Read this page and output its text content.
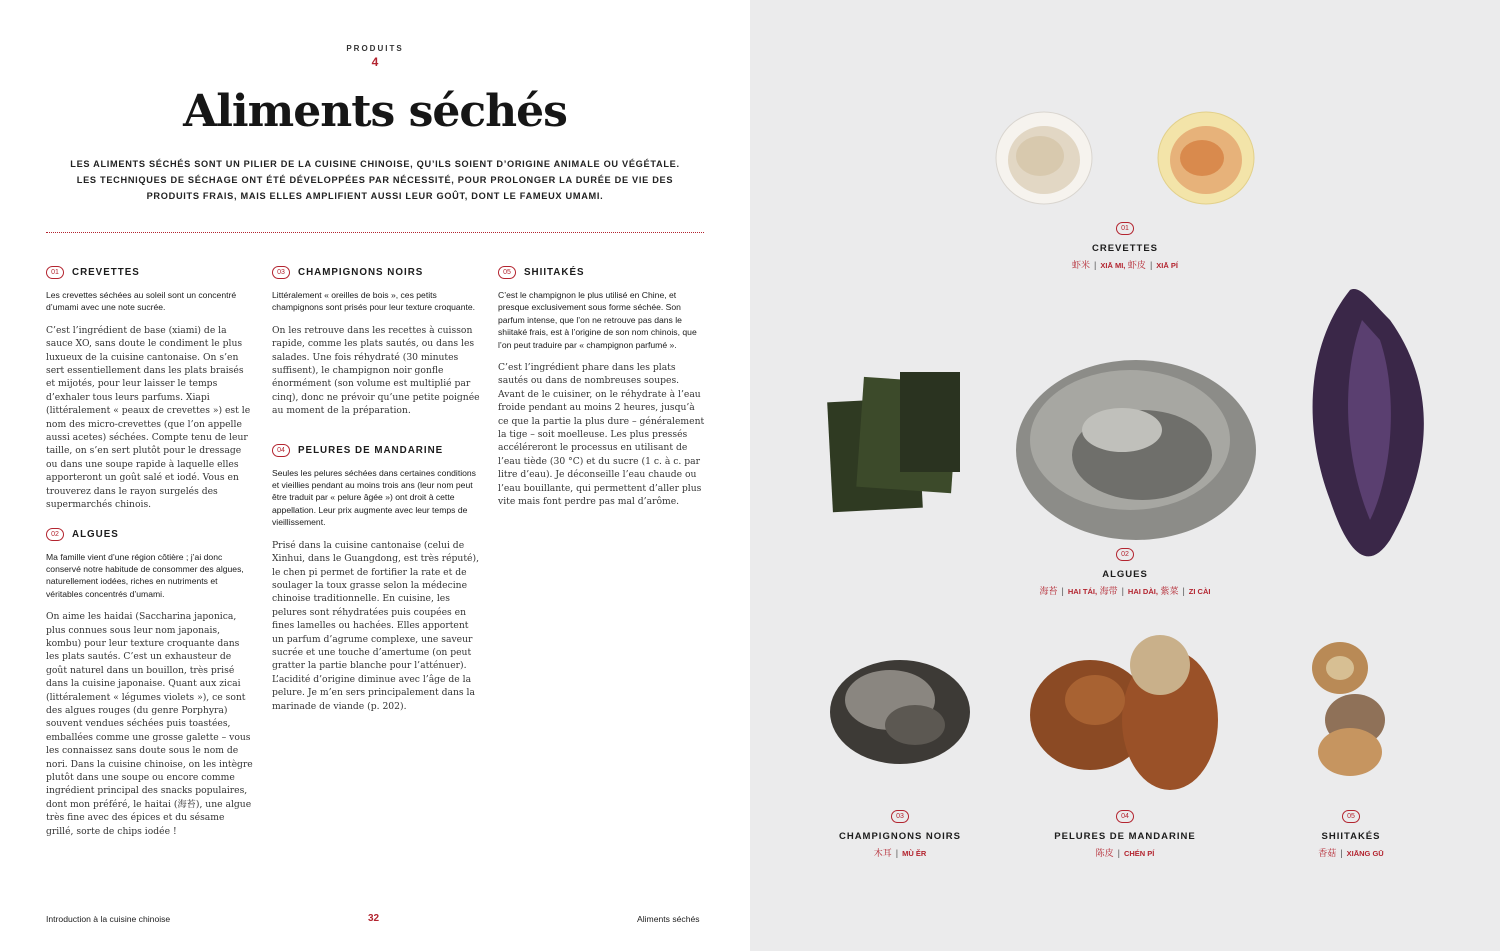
PRODUITS
4
Aliments séchés
LES ALIMENTS SÉCHÉS SONT UN PILIER DE LA CUISINE CHINOISE, QU’ILS SOIENT D’ORIGINE ANIMALE OU VÉGÉTALE. LES TECHNIQUES DE SÉCHAGE ONT ÉTÉ DÉVELOPPÉES PAR NÉCESSITÉ, POUR PROLONGER LA DURÉE DE VIE DES PRODUITS FRAIS, MAIS ELLES AMPLIFIENT AUSSI LEUR GOÛT, DONT LE FAMEUX UMAMI.
01	CREVETTES

Les crevettes séchées au soleil sont un concentré d’umami avec une note sucrée.

C’est l’ingrédient de base (xiami) de la sauce XO, sans doute le condiment le plus luxueux de la cuisine cantonaise. On s’en sert essentiellement dans les plats braisés et mijotés, pour leur laisser le temps d’exhaler tous leurs parfums. Xiapi (littéralement « peaux de crevettes ») est le nom des micro-crevettes (que l’on appelle aussi acetes) séchées. Compte tenu de leur taille, on s’en sert plutôt pour le dressage ou dans une soupe rapide à laquelle elles apporteront un goût salé et iodé. Vous en trouverez dans le rayon surgelés des supermarchés chinois.

02	ALGUES

Ma famille vient d’une région côtière ; j’ai donc conservé notre habitude de consommer des algues, naturellement iodées, riches en nutriments et véritables concentrés d’umami.

On aime les haidai (Saccharina japonica, plus connues sous leur nom japonais, kombu) pour leur texture croquante dans les plats sautés. C’est un exhausteur de goût naturel dans un bouillon, très prisé dans la cuisine japonaise. Quant aux zicai (littéralement « légumes violets »), ce sont des algues rouges (du genre Porphyra) souvent vendues séchées puis toastées, emballées comme une grosse galette – vous les connaissez sans doute sous le nom de nori. Dans la cuisine chinoise, on les intègre plutôt dans une soupe ou encore comme ingrédient principal des snacks populaires, dont mon préféré, le haitai (海苔), une algue très fine avec des épices et du sésame grillé, sorte de chips iodée !

03	CHAMPIGNONS NOIRS

Littéralement « oreilles de bois », ces petits champignons sont prisés pour leur texture croquante.

On les retrouve dans les recettes à cuisson rapide, comme les plats sautés, ou dans les salades. Une fois réhydraté (30 minutes suffisent), le champignon noir gonfle énormément (son volume est multiplié par cinq), donc ne prévoir qu’une petite poignée au moment de la préparation.

04	PELURES DE MANDARINE

Seules les pelures séchées dans certaines conditions et vieillies pendant au moins trois ans (leur nom peut être traduit par « pelure âgée ») ont droit à cette appellation. Leur prix augmente avec leur temps de vieillissement.

Prisé dans la cuisine cantonaise (celui de Xinhui, dans le Guangdong, est très réputé), le chen pi permet de fortifier la rate et de soulager la toux grasse selon la médecine chinoise traditionnelle. En cuisine, les pelures sont réhydratées puis coupées en fines lamelles ou hachées. Elles apportent un parfum d’agrume complexe, une saveur sucrée et une touche d’amertume (on peut gratter la partie blanche pour l’atténuer). L’acidité d’origine diminue avec l’âge de la pelure. Je m’en sers principalement dans la marinade de viande (p. 202).

05	SHIITAKÉS

C’est le champignon le plus utilisé en Chine, et presque exclusivement sous forme séchée. Son parfum intense, que l’on ne retrouve pas dans le shiitaké frais, est à l’origine de son nom chinois, que l’on peut traduire par « champignon parfumé ».

C’est l’ingrédient phare dans les plats sautés ou dans de nombreuses soupes. Avant de le cuisiner, on le réhydrate à l’eau froide pendant au moins 2 heures, jusqu’à ce que la partie la plus dure – généralement la tige – soit moelleuse. Les plus pressés accéléreront le processus en utilisant de l’eau tiède (30 °C) et du sucre (1 c. à c. par litre d’eau). Je déconseille l’eau chaude ou l’eau bouillante, qui permettent d’aller plus vite mais font perdre pas mal d’arôme.

Introduction à la cuisine chinoise	32	Aliments séchés
01
CREVETTES
虾米 | XIĀ MI, 虾皮 | XIĀ PÍ
02
ALGUES
海苔 | HAI TÁI, 海带 | HAI DÀI, 紫菜 | ZI CÀI
03
CHAMPIGNONS NOIRS
木耳 | MÙ ĚR
04
PELURES DE MANDARINE
陈皮 | CHÉN PÍ
05
SHIITAKÉS
香菇 | XIĀNG GŪ
